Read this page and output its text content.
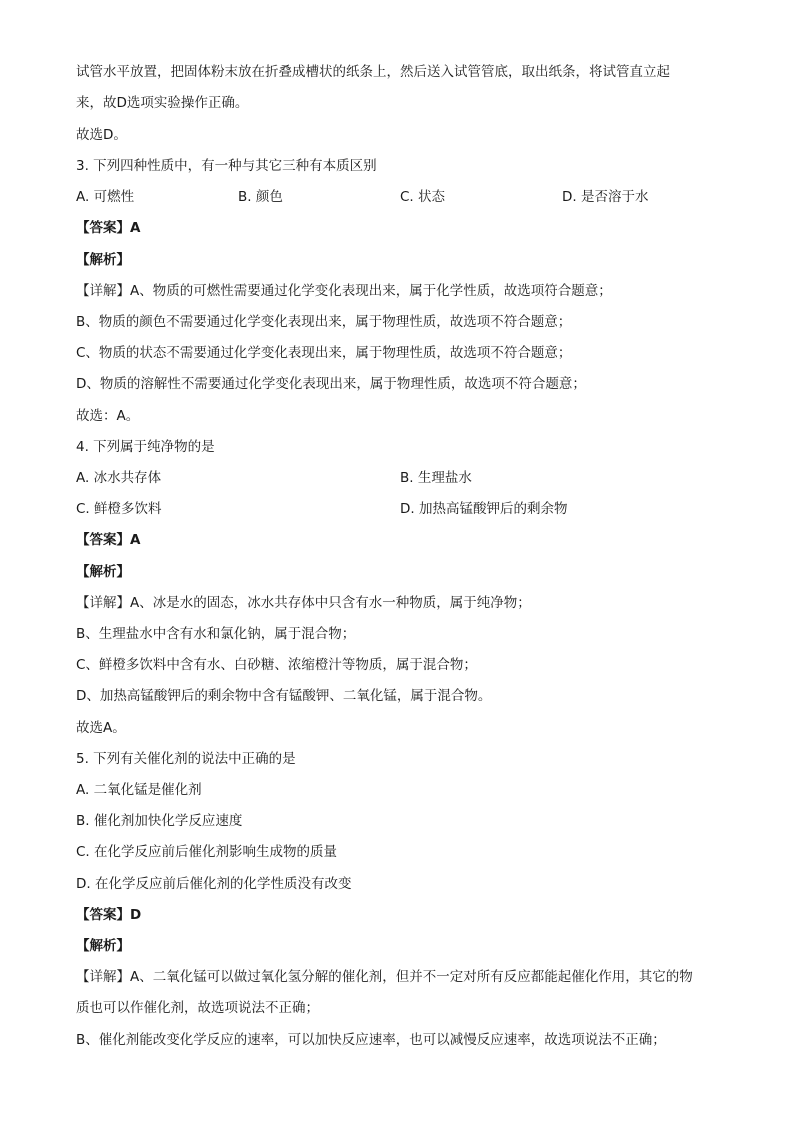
试管水平放置，把固体粉末放在折叠成槽状的纸条上，然后送入试管管底，取出纸条，将试管直立起
来，故D选项实验操作正确。
故选D。
3. 下列四种性质中，有一种与其它三种有本质区别
A. 可燃性	B. 颜色	C. 状态	D. 是否溶于水
【答案】A
【解析】
【详解】A、物质的可燃性需要通过化学变化表现出来，属于化学性质，故选项符合题意；
B、物质的颜色不需要通过化学变化表现出来，属于物理性质，故选项不符合题意；
C、物质的状态不需要通过化学变化表现出来，属于物理性质，故选项不符合题意；
D、物质的溶解性不需要通过化学变化表现出来，属于物理性质，故选项不符合题意；
故选：A。
4. 下列属于纯净物的是
A. 冰水共存体	B. 生理盐水
C. 鲜橙多饮料	D. 加热高锰酸钾后的剩余物
【答案】A
【解析】
【详解】A、冰是水的固态，冰水共存体中只含有水一种物质，属于纯净物；
B、生理盐水中含有水和氯化钠，属于混合物；
C、鲜橙多饮料中含有水、白砂糖、浓缩橙汁等物质，属于混合物；
D、加热高锰酸钾后的剩余物中含有锰酸钾、二氧化锰，属于混合物。
故选A。
5. 下列有关催化剂的说法中正确的是
A. 二氧化锰是催化剂
B. 催化剂加快化学反应速度
C. 在化学反应前后催化剂影响生成物的质量
D. 在化学反应前后催化剂的化学性质没有改变
【答案】D
【解析】
【详解】A、二氧化锰可以做过氧化氢分解的催化剂，但并不一定对所有反应都能起催化作用，其它的物
质也可以作催化剂，故选项说法不正确；
B、催化剂能改变化学反应的速率，可以加快反应速率，也可以减慢反应速率，故选项说法不正确；
